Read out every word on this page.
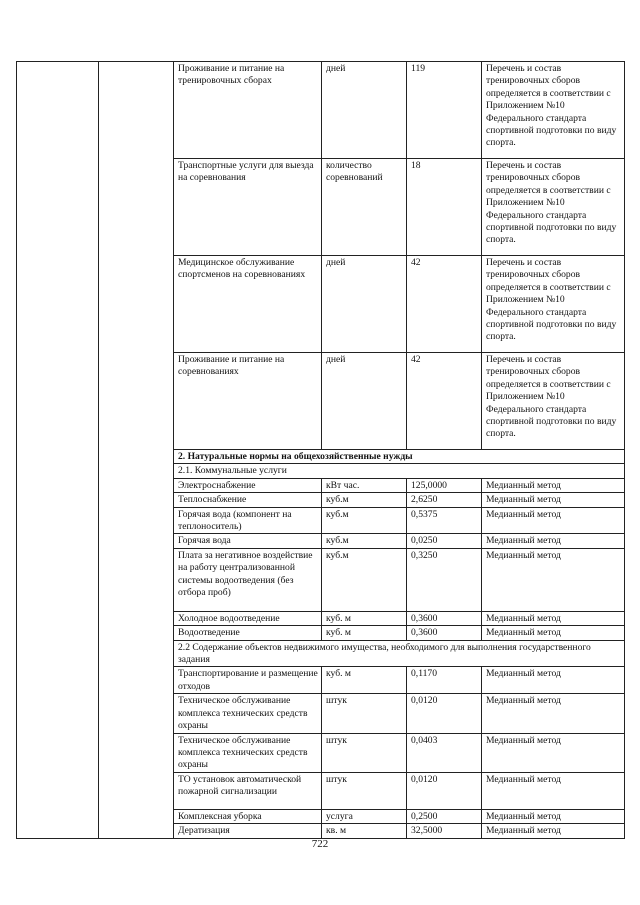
		Проживание и питание на тренировочных сборах	дней	119	Перечень и состав тренировочных сборов определяется в соответствии с Приложением №10 Федерального стандарта спортивной подготовки по виду спорта.
		Транспортные услуги для выезда на соревнования	количество соревнований	18	Перечень и состав тренировочных сборов определяется в соответствии с Приложением №10 Федерального стандарта спортивной подготовки по виду спорта.
		Медицинское обслуживание спортсменов на соревнованиях	дней	42	Перечень и состав тренировочных сборов определяется в соответствии с Приложением №10 Федерального стандарта спортивной подготовки по виду спорта.
		Проживание и питание на соревнованиях	дней	42	Перечень и состав тренировочных сборов определяется в соответствии с Приложением №10 Федерального стандарта спортивной подготовки по виду спорта.
		2. Натуральные нормы на общехозяйственные нужды			
		2.1. Коммунальные услуги			
		Электроснабжение	кВт час.	125,0000	Медианный метод
		Теплоснабжение	куб.м	2,6250	Медианный метод
		Горячая вода (компонент на теплоноситель)	куб.м	0,5375	Медианный метод
		Горячая вода	куб.м	0,0250	Медианный метод
		Плата за негативное воздействие на работу централизованной системы водоотведения (без отбора проб)	куб.м	0,3250	Медианный метод
		Холодное водоотведение	куб. м	0,3600	Медианный метод
		Водоотведение	куб. м	0,3600	Медианный метод
		2.2 Содержание объектов недвижимого имущества, необходимого для выполнения государственного задания			
		Транспортирование и размещение отходов	куб. м	0,1170	Медианный метод
		Техническое обслуживание комплекса технических средств охраны	штук	0,0120	Медианный метод
		Техническое обслуживание комплекса технических средств охраны	штук	0,0403	Медианный метод
		ТО установок автоматической пожарной сигнализации	штук	0,0120	Медианный метод
		Комплексная уборка	услуга	0,2500	Медианный метод
		Дератизация	кв. м	32,5000	Медианный метод
722
